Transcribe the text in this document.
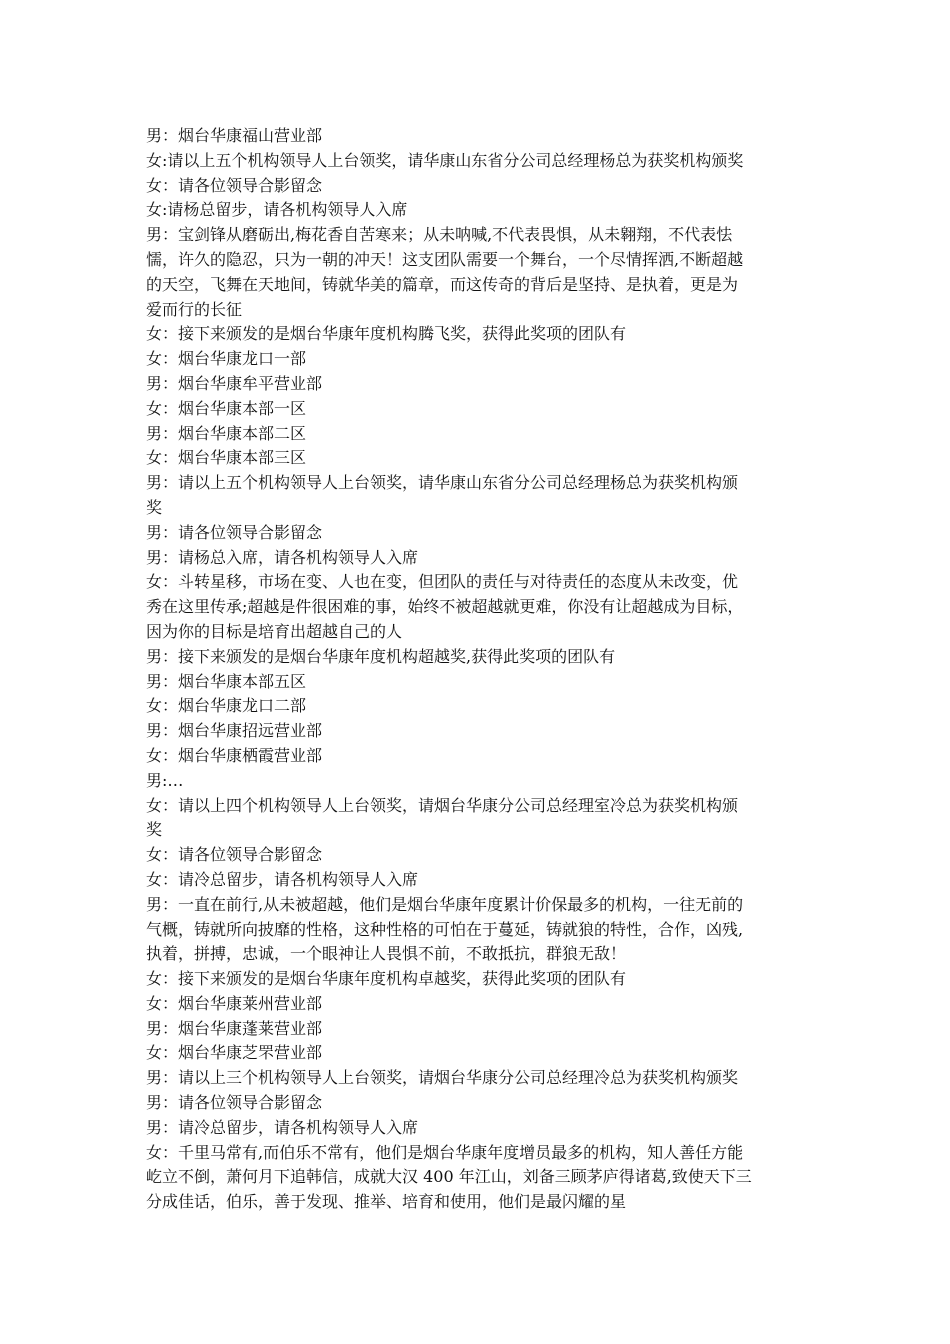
男：烟台华康福山营业部
女:请以上五个机构领导人上台领奖，请华康山东省分公司总经理杨总为获奖机构颁奖
女：请各位领导合影留念
女:请杨总留步，请各机构领导人入席
男：宝剑锋从磨砺出,梅花香自苦寒来；从未呐喊,不代表畏惧，从未翱翔，不代表怯
懦，许久的隐忍，只为一朝的冲天！这支团队需要一个舞台，一个尽情挥洒,不断超越
的天空，飞舞在天地间，铸就华美的篇章，而这传奇的背后是坚持、是执着，更是为
爱而行的长征
女：接下来颁发的是烟台华康年度机构腾飞奖，获得此奖项的团队有
女：烟台华康龙口一部
男：烟台华康牟平营业部
女：烟台华康本部一区
男：烟台华康本部二区
女：烟台华康本部三区
男：请以上五个机构领导人上台领奖，请华康山东省分公司总经理杨总为获奖机构颁
奖
男：请各位领导合影留念
男：请杨总入席，请各机构领导人入席
女：斗转星移，市场在变、人也在变，但团队的责任与对待责任的态度从未改变，优
秀在这里传承;超越是件很困难的事，始终不被超越就更难，你没有让超越成为目标，
因为你的目标是培育出超越自己的人
男：接下来颁发的是烟台华康年度机构超越奖,获得此奖项的团队有
男：烟台华康本部五区
女：烟台华康龙口二部
男：烟台华康招远营业部
女：烟台华康栖霞营业部
男:…
女：请以上四个机构领导人上台领奖，请烟台华康分公司总经理室冷总为获奖机构颁
奖
女：请各位领导合影留念
女：请冷总留步，请各机构领导人入席
男：一直在前行,从未被超越，他们是烟台华康年度累计价保最多的机构，一往无前的
气概，铸就所向披靡的性格，这种性格的可怕在于蔓延，铸就狼的特性，合作，凶残,
执着，拼搏，忠诚，一个眼神让人畏惧不前，不敢抵抗，群狼无敌！
女：接下来颁发的是烟台华康年度机构卓越奖，获得此奖项的团队有
女：烟台华康莱州营业部
男：烟台华康蓬莱营业部
女：烟台华康芝罘营业部
男：请以上三个机构领导人上台领奖，请烟台华康分公司总经理冷总为获奖机构颁奖
男：请各位领导合影留念
男：请冷总留步，请各机构领导人入席
女：千里马常有,而伯乐不常有，他们是烟台华康年度增员最多的机构，知人善任方能
屹立不倒，萧何月下追韩信，成就大汉 400 年江山，刘备三顾茅庐得诸葛,致使天下三
分成佳话，伯乐，善于发现、推举、培育和使用，他们是最闪耀的星
